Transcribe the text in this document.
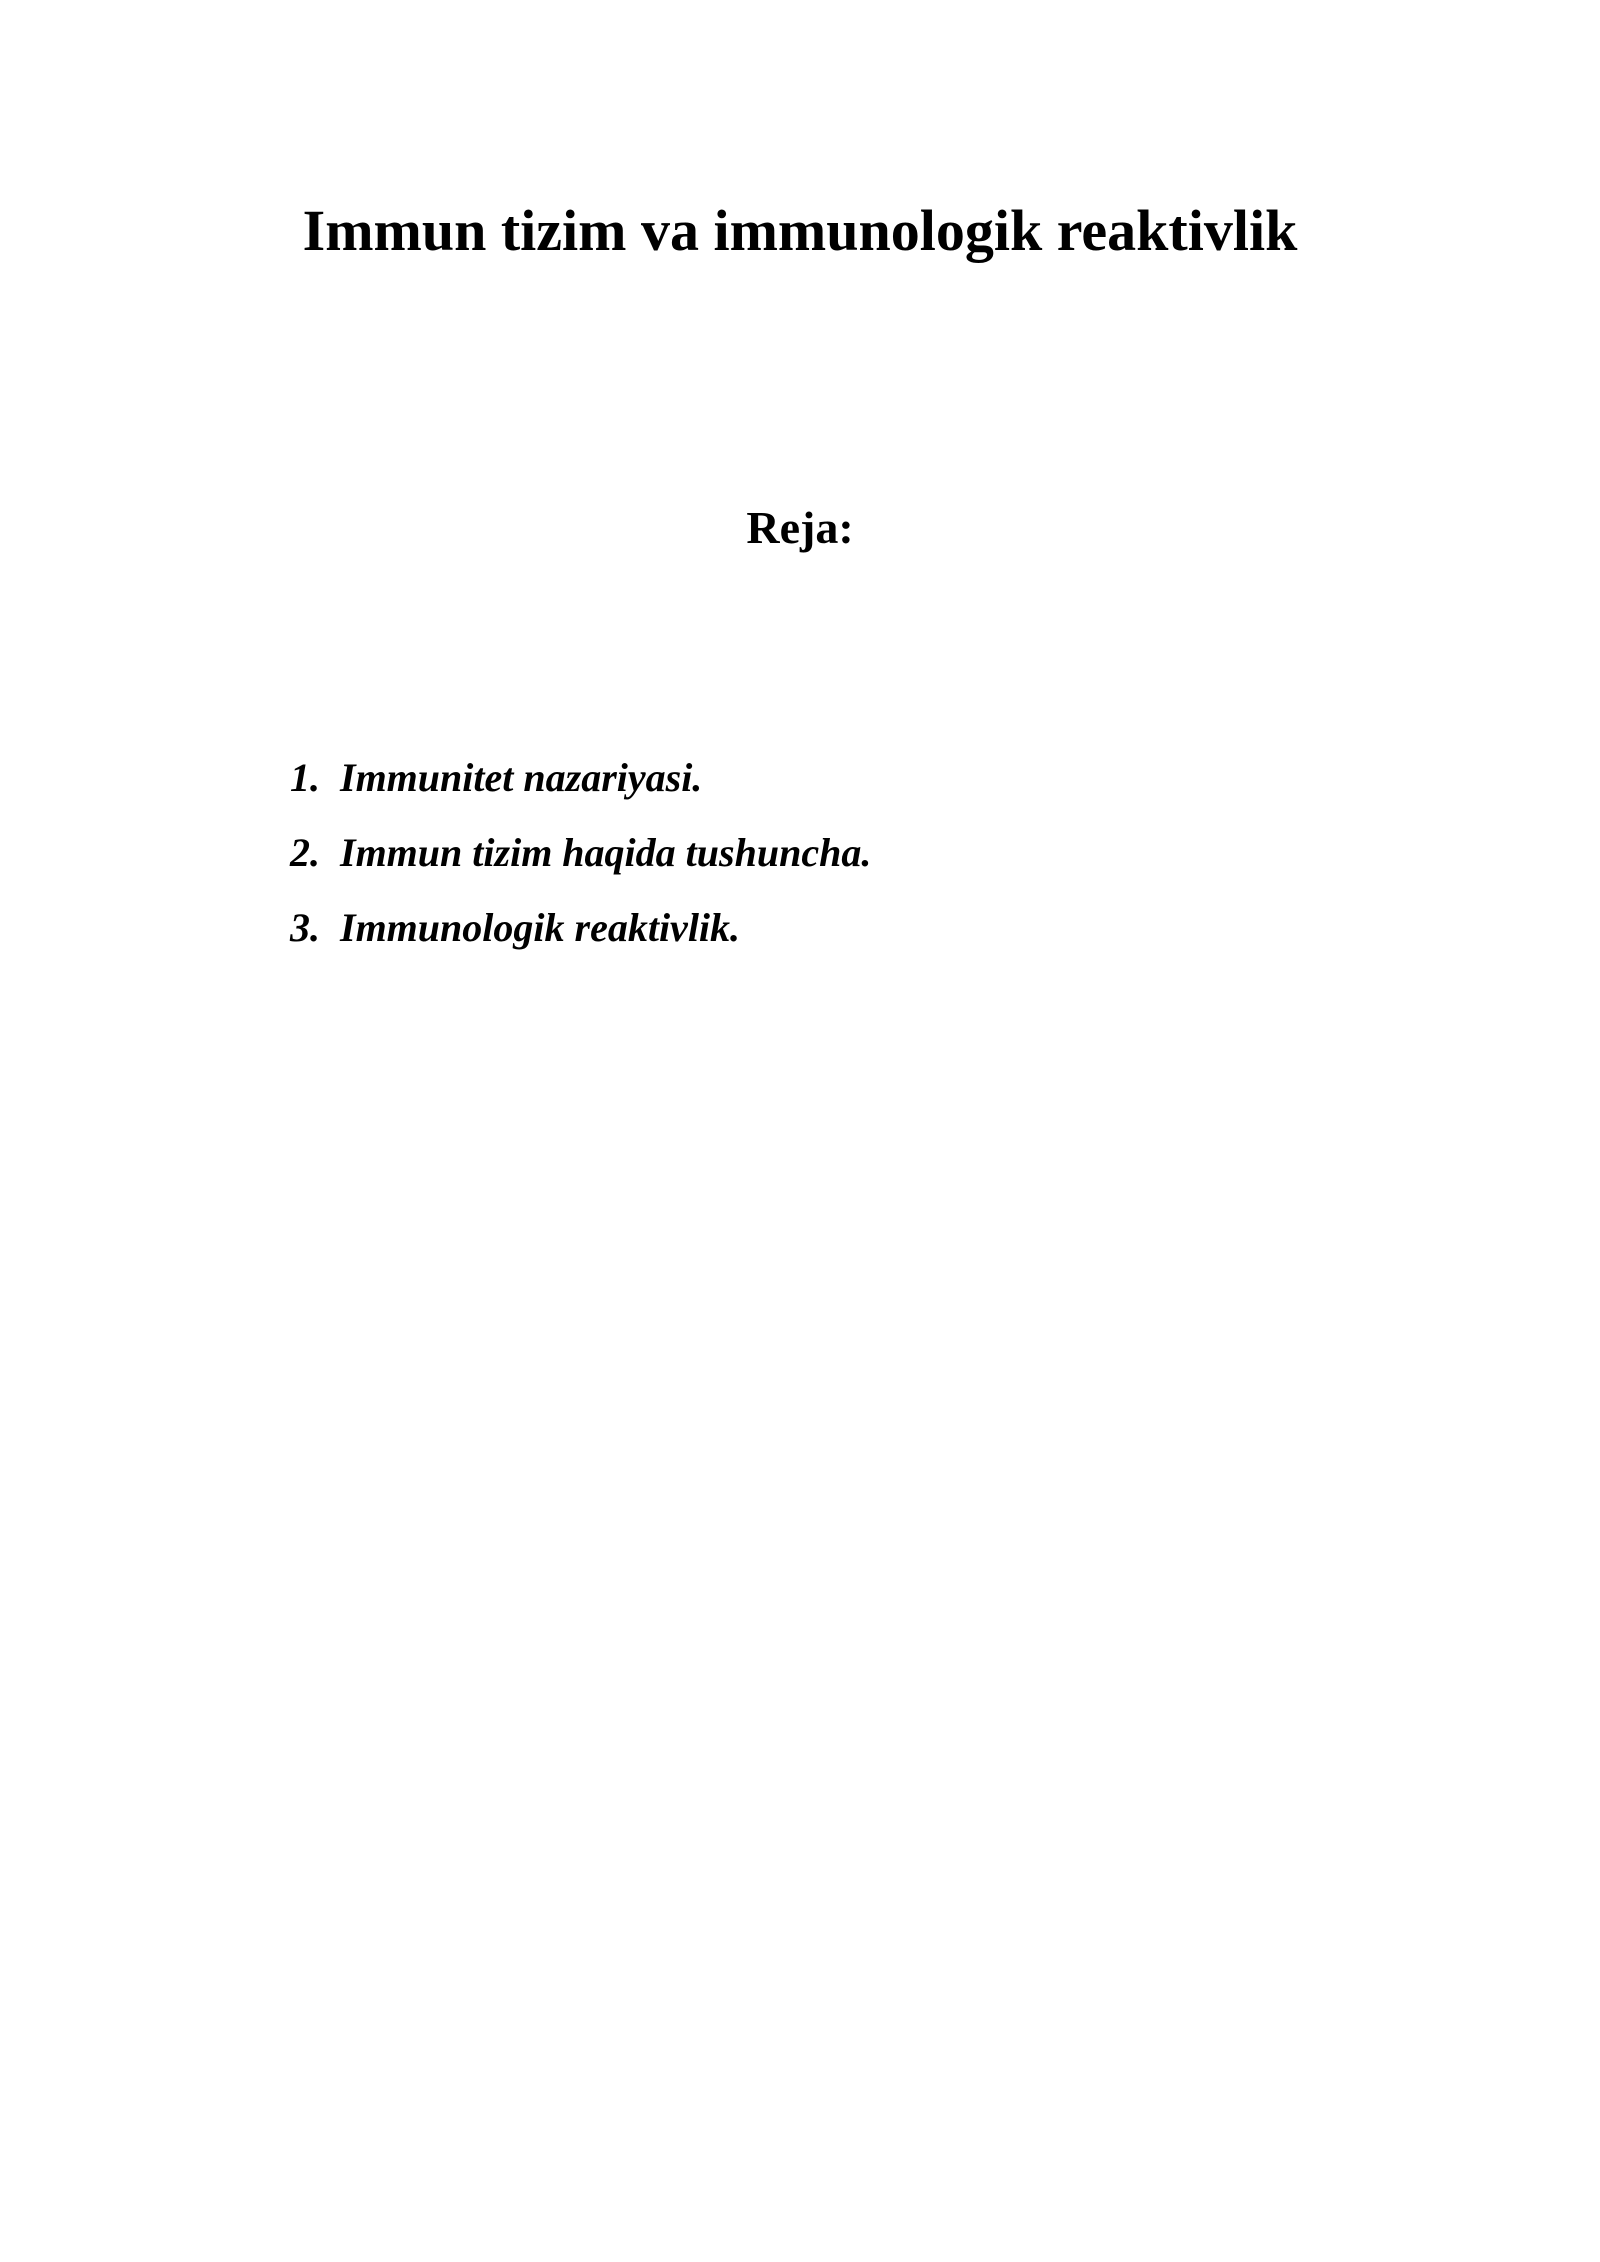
Immun tizim va immunologik reaktivlik
Reja:
1. Immunitet nazariyasi.
2. Immun tizim haqida tushuncha.
3. Immunologik reaktivlik.
